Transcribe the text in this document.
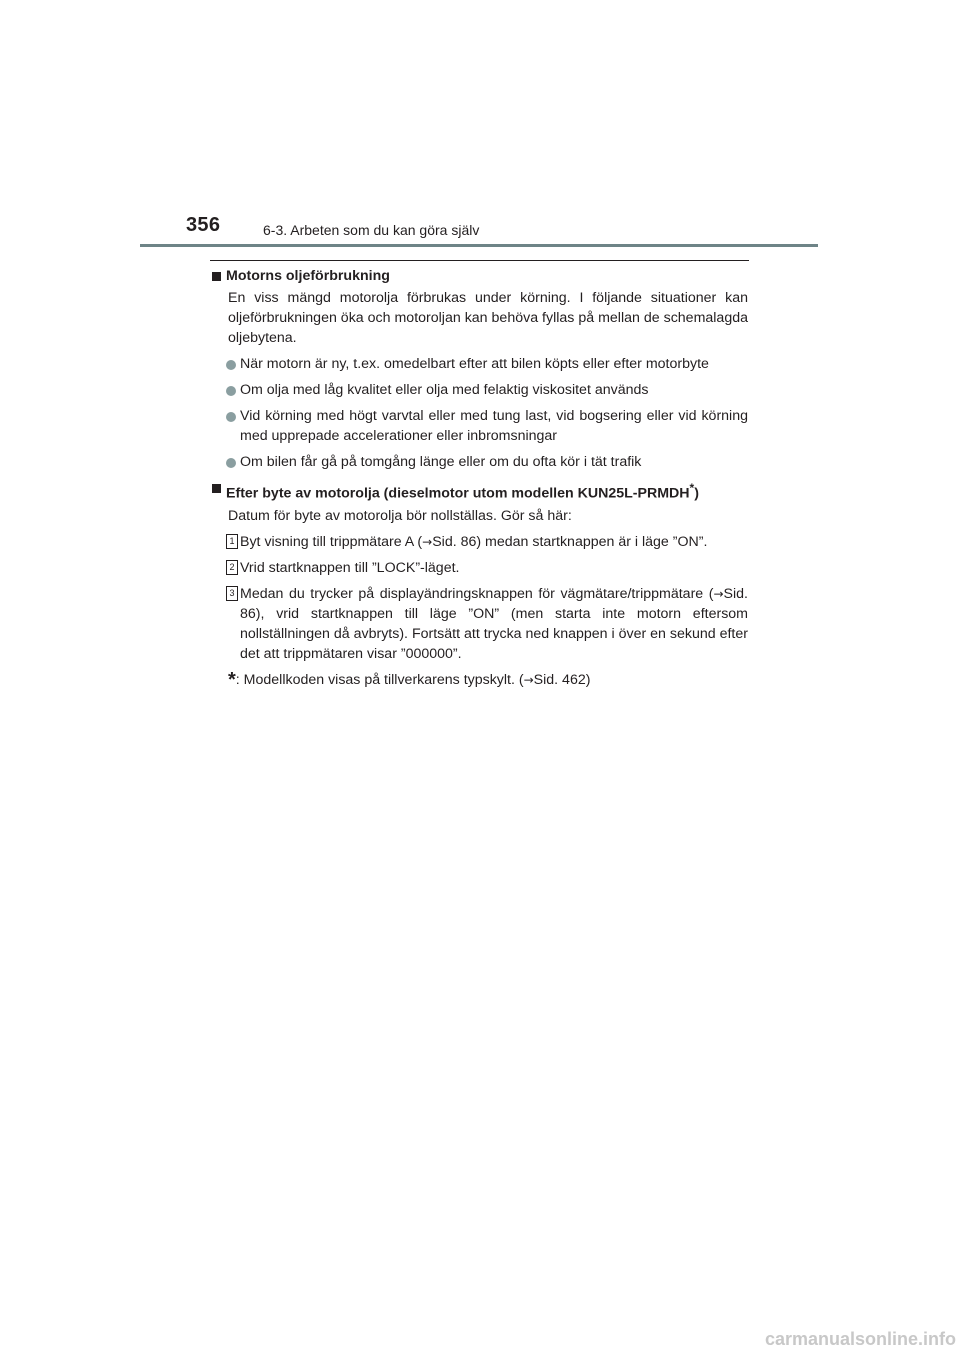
356	6-3. Arbeten som du kan göra själv
Motorns oljeförbrukning
En viss mängd motorolja förbrukas under körning. I följande situationer kan oljeförbrukningen öka och motoroljan kan behöva fyllas på mellan de schemalagda oljebytena.
När motorn är ny, t.ex. omedelbart efter att bilen köpts eller efter motorbyte
Om olja med låg kvalitet eller olja med felaktig viskositet används
Vid körning med högt varvtal eller med tung last, vid bogsering eller vid körning med upprepade accelerationer eller inbromsningar
Om bilen får gå på tomgång länge eller om du ofta kör i tät trafik
Efter byte av motorolja (dieselmotor utom modellen KUN25L-PRMDH*)
Datum för byte av motorolja bör nollställas. Gör så här:
1 Byt visning till trippmätare A (→Sid. 86) medan startknappen är i läge ”ON”.
2 Vrid startknappen till ”LOCK”-läget.
3 Medan du trycker på displayändringsknappen för vägmätare/trippmätare (→Sid. 86), vrid startknappen till läge ”ON” (men starta inte motorn eftersom nollställningen då avbryts). Fortsätt att trycka ned knappen i över en sekund efter det att trippmätaren visar ”000000”.
*: Modellkoden visas på tillverkarens typskylt. (→Sid. 462)
carmanualsonline.info
